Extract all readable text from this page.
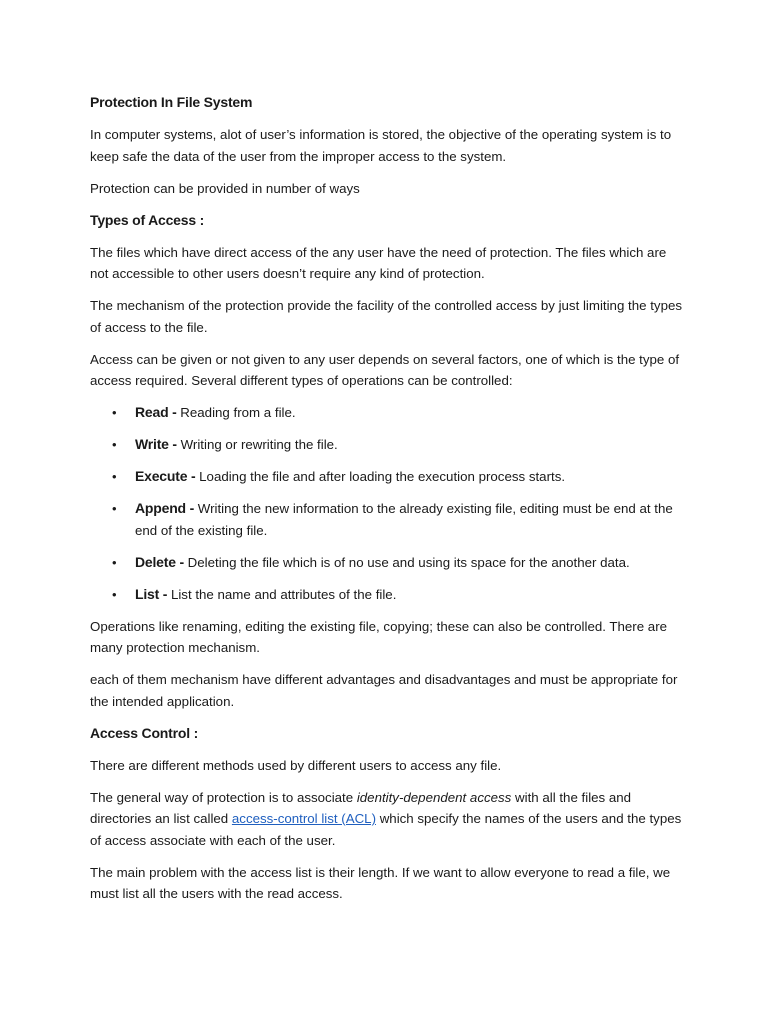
Protection In File System

In computer systems, alot of user’s information is stored, the objective of the operating system is to keep safe the data of the user from the improper access to the system.

Protection can be provided in number of ways

Types of Access :

The files which have direct access of the any user have the need of protection. The files which are not accessible to other users doesn’t require any kind of protection.

The mechanism of the protection provide the facility of the controlled access by just limiting the types of access to the file.

Access can be given or not given to any user depends on several factors, one of which is the type of access required. Several different types of operations can be controlled:

• Read - Reading from a file.
• Write - Writing or rewriting the file.
• Execute - Loading the file and after loading the execution process starts.
• Append - Writing the new information to the already existing file, editing must be end at the end of the existing file.
• Delete - Deleting the file which is of no use and using its space for the another data.
• List - List the name and attributes of the file.

Operations like renaming, editing the existing file, copying; these can also be controlled. There are many protection mechanism.

each of them mechanism have different advantages and disadvantages and must be appropriate for the intended application.

Access Control :

There are different methods used by different users to access any file.

The general way of protection is to associate identity-dependent access with all the files and directories an list called access-control list (ACL) which specify the names of the users and the types of access associate with each of the user.

The main problem with the access list is their length. If we want to allow everyone to read a file, we must list all the users with the read access.
